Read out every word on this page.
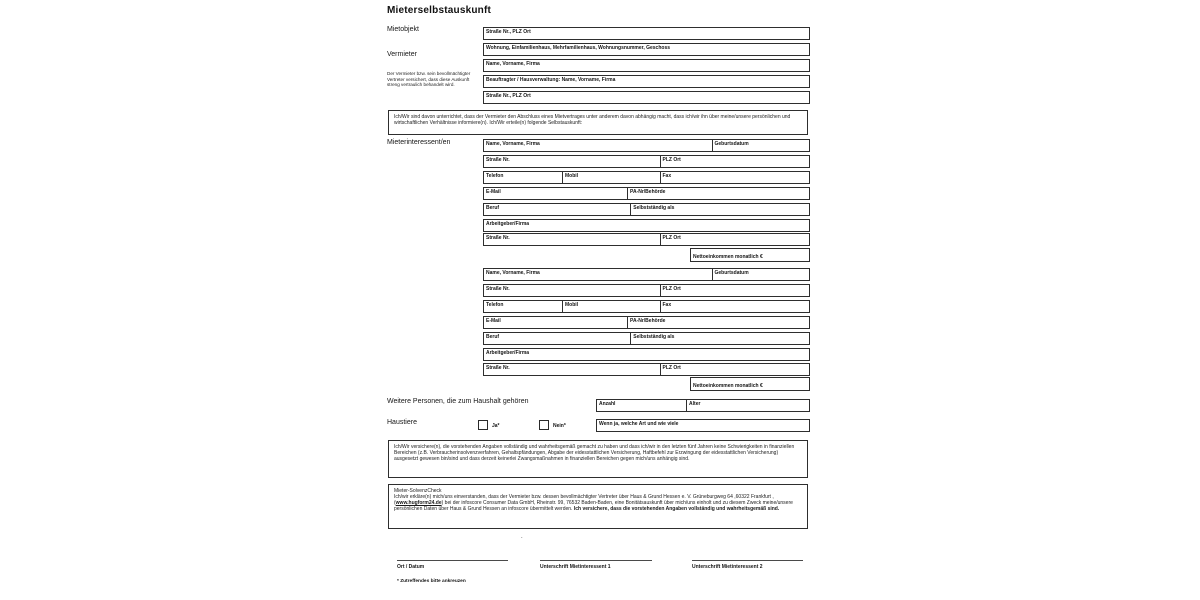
Mieterselbstauskunft
Mietobjekt	Straße Nr., PLZ Ort
Wohnung, Einfamilienhaus, Mehrfamilienhaus, Wohnungsnummer, Geschoss
Vermieter
Der Vermieter bzw. sein bevollmächtigter Vertreter versichert, dass diese Auskunft streng vertraulich behandelt wird.
Name, Vorname, Firma
Beauftragter / Hausverwaltung: Name, Vorname, Firma
Straße Nr., PLZ Ort
Ich/Wir sind davon unterrichtet, dass der Vermieter den Abschluss eines Mietvertrages unter anderem davon abhängig macht, dass ich/wir ihn über meine/unsere persönlichen und wirtschaftlichen Verhältnisse informiere(n). Ich/Wir erteile(n) folgende Selbstauskunft:
Mieterinteressent/en	Name, Vorname, Firma	Geburtsdatum
Straße Nr.	PLZ Ort
Telefon	Mobil	Fax
E-Mail	PA-Nr/Behörde
Beruf	Selbstständig als
Arbeitgeber/Firma
Straße Nr.	PLZ Ort
Nettoeinkommen monatlich €
Name, Vorname, Firma	Geburtsdatum
Straße Nr.	PLZ Ort
Telefon	Mobil	Fax
E-Mail	PA-Nr/Behörde
Beruf	Selbstständig als
Arbeitgeber/Firma
Straße Nr.	PLZ Ort
Nettoeinkommen monatlich €
Weitere Personen, die zum Haushalt gehören	Anzahl	Alter
Haustiere	Ja*	Nein*	Wenn ja, welche Art und wie viele
Ich/Wir versichere(n), die vorstehenden Angaben vollständig und wahrheitsgemäß gemacht zu haben und dass ich/wir in den letzten fünf Jahren keine Schwierigkeiten in finanziellen Bereichen (z.B. Verbraucherinsolvenzverfahren, Gehaltspfändungen, Abgabe der eidesstattlichen Versicherung, Haftbefehl zur Erzwingung der eidesstattlichen Versicherung) ausgesetzt gewesen bin/sind und dass derzeit keinerlei Zwangsmaßnahmen in finanziellen Bereichen gegen mich/uns anhängig sind.
Mieter-SolvenzCheck
Ich/wir erkläre(n) mich/uns einverstanden, dass der Vermieter bzw. dessen bevollmächtigter Vertreter über Haus & Grund Hessen e. V. Grüneburgweg 64 ,60322 Frankfurt , (www.hugform24.de) bei der infoscore Consumer Data GmbH, Rheinstr. 99, 76532 Baden-Baden, eine Bonitätsauskunft über mich/uns einholt und zu diesem Zweck meine/unsere persönlichen Daten über Haus & Grund Hessen an infoscore übermittelt werden. Ich versichere, dass die vorstehenden Angaben vollständig und wahrheitsgemäß sind.
.
Ort / Datum	Unterschrift Mietinteressent 1	Unterschrift Mietinteressent 2
* Zutreffendes bitte ankreuzen
